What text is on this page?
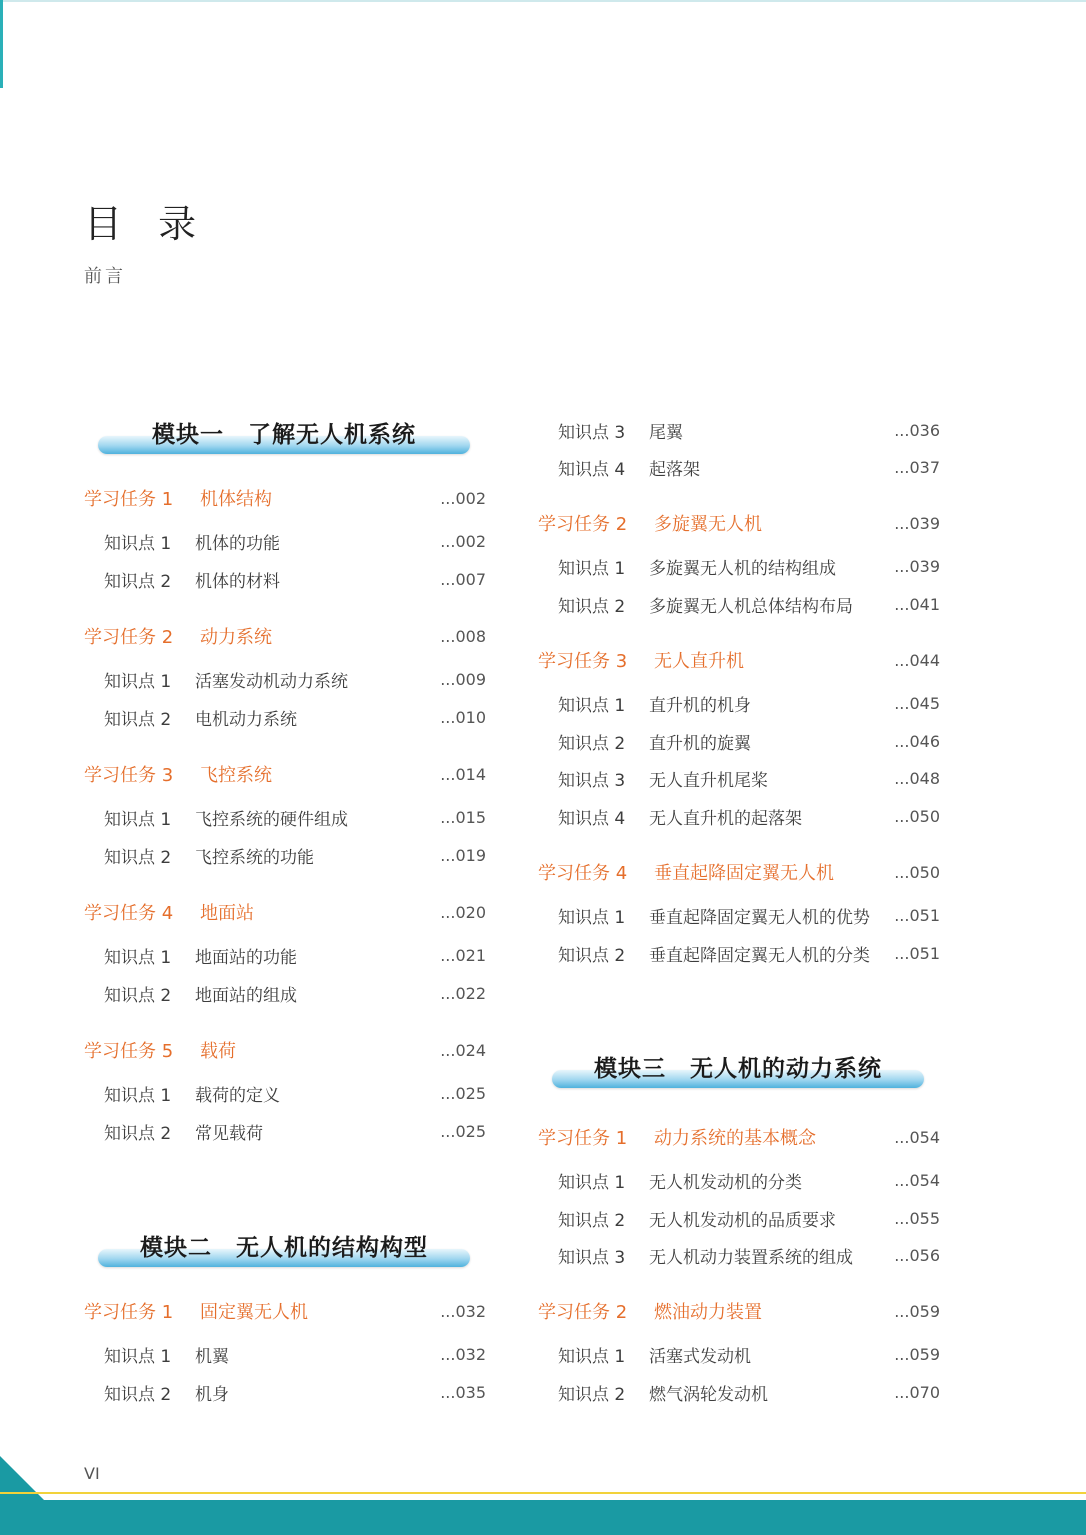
目 录
前言
模块一　了解无人机系统
学习任务 1	机体结构	...002
知识点 1	机体的功能	...002
知识点 2	机体的材料	...007
学习任务 2	动力系统	...008
知识点 1	活塞发动机动力系统	...009
知识点 2	电机动力系统	...010
学习任务 3	飞控系统	...014
知识点 1	飞控系统的硬件组成	...015
知识点 2	飞控系统的功能	...019
学习任务 4	地面站	...020
知识点 1	地面站的功能	...021
知识点 2	地面站的组成	...022
学习任务 5	载荷	...024
知识点 1	载荷的定义	...025
知识点 2	常见载荷	...025
模块二　无人机的结构构型
学习任务 1	固定翼无人机	...032
知识点 1	机翼	...032
知识点 2	机身	...035
知识点 3	尾翼	...036
知识点 4	起落架	...037
学习任务 2	多旋翼无人机	...039
知识点 1	多旋翼无人机的结构组成	...039
知识点 2	多旋翼无人机总体结构布局	...041
学习任务 3	无人直升机	...044
知识点 1	直升机的机身	...045
知识点 2	直升机的旋翼	...046
知识点 3	无人直升机尾桨	...048
知识点 4	无人直升机的起落架	...050
学习任务 4	垂直起降固定翼无人机	...050
知识点 1	垂直起降固定翼无人机的优势	...051
知识点 2	垂直起降固定翼无人机的分类	...051
模块三　无人机的动力系统
学习任务 1	动力系统的基本概念	...054
知识点 1	无人机发动机的分类	...054
知识点 2	无人机发动机的品质要求	...055
知识点 3	无人机动力装置系统的组成	...056
学习任务 2	燃油动力装置	...059
知识点 1	活塞式发动机	...059
知识点 2	燃气涡轮发动机	...070
VI
